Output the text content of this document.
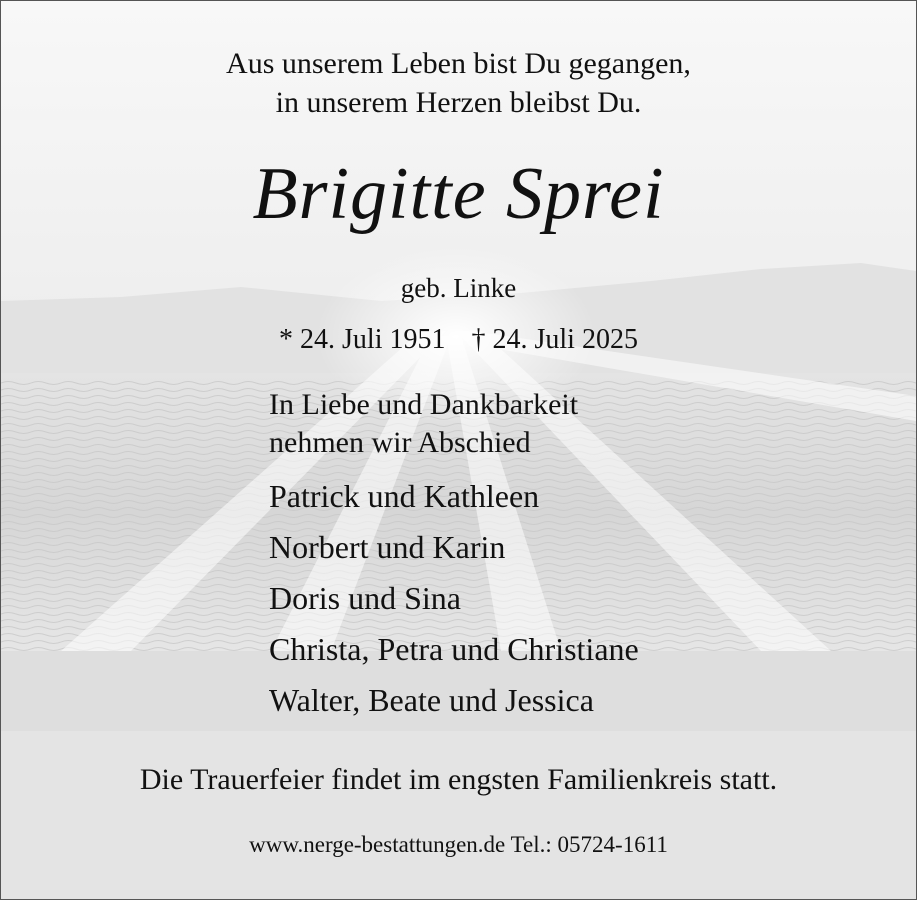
Aus unserem Leben bist Du gegangen,

in unserem Herzen bleibst Du.

Brigitte Sprei

geb. Linke

* 24. Juli 1951 † 24. Juli 2025

In Liebe und Dankbarkeit

nehmen wir Abschied

Patrick und Kathleen

Norbert und Karin

Doris und Sina

Christa, Petra und Christiane

Walter, Beate und Jessica

Die Trauerfeier findet im engsten Familienkreis statt.

www.nerge-bestattungen.de Tel.: 05724-1611
